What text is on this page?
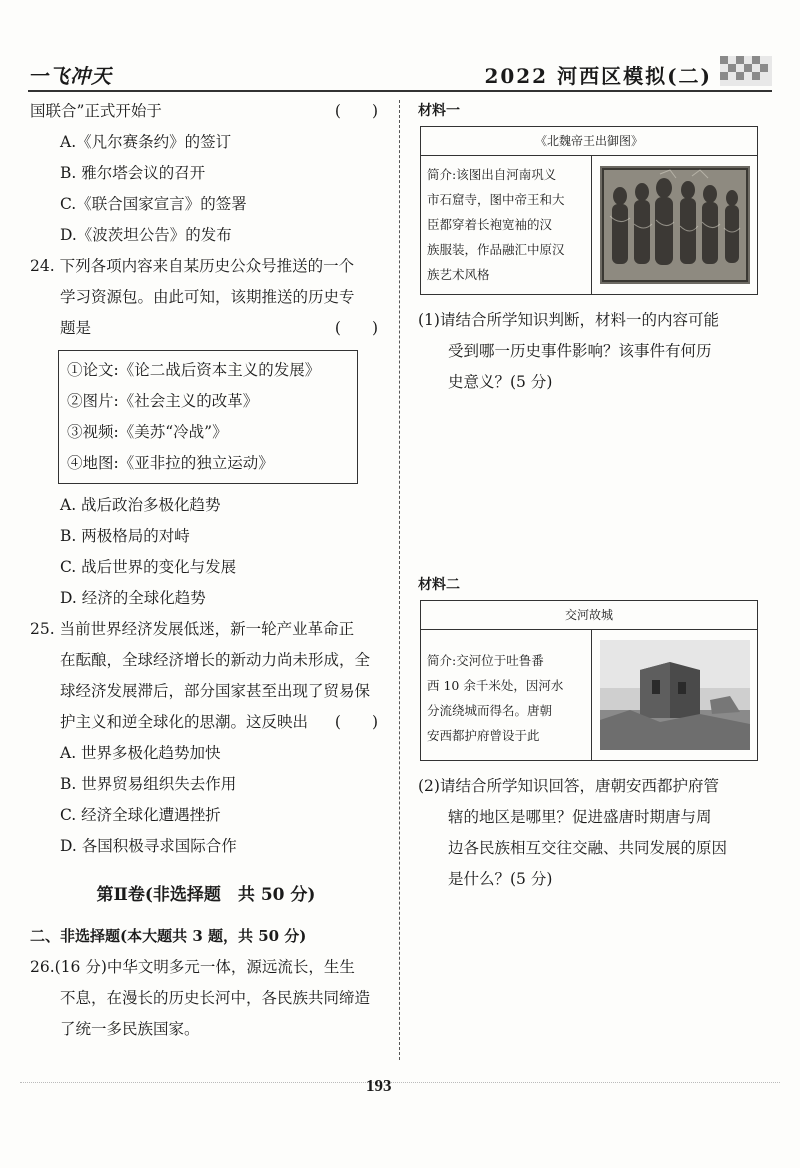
一飞冲天	2022 河西区模拟(二)
国联合”正式开始于	(　　)
A.《凡尔赛条约》的签订
B. 雅尔塔会议的召开
C.《联合国家宣言》的签署
D.《波茨坦公告》的发布
24. 下列各项内容来自某历史公众号推送的一个
学习资源包。由此可知，该期推送的历史专
题是	(　　)
①论文:《论二战后资本主义的发展》
②图片:《社会主义的改革》
③视频:《美苏“冷战”》
④地图:《亚非拉的独立运动》
A. 战后政治多极化趋势
B. 两极格局的对峙
C. 战后世界的变化与发展
D. 经济的全球化趋势
25. 当前世界经济发展低迷，新一轮产业革命正
在酝酿，全球经济增长的新动力尚未形成，全
球经济发展滞后，部分国家甚至出现了贸易保
护主义和逆全球化的思潮。这反映出 (　　)
A. 世界多极化趋势加快
B. 世界贸易组织失去作用
C. 经济全球化遭遇挫折
D. 各国积极寻求国际合作
第Ⅱ卷(非选择题　共 50 分)
二、非选择题(本大题共 3 题，共 50 分)
26.(16 分)中华文明多元一体，源远流长，生生
不息，在漫长的历史长河中，各民族共同缔造
了统一多民族国家。
材料一
《北魏帝王出御图》
简介:该图出自河南巩义
市石窟寺，图中帝王和大
臣都穿着长袍宽袖的汉
族服装，作品融汇中原汉
族艺术风格
(1)请结合所学知识判断，材料一的内容可能
受到哪一历史事件影响？该事件有何历
史意义？(5 分)
材料二
交河故城
简介:交河位于吐鲁番
西 10 余千米处，因河水
分流绕城而得名。唐朝
安西都护府曾设于此
(2)请结合所学知识回答，唐朝安西都护府管
辖的地区是哪里？促进盛唐时期唐与周
边各民族相互交往交融、共同发展的原因
是什么？(5 分)
193
